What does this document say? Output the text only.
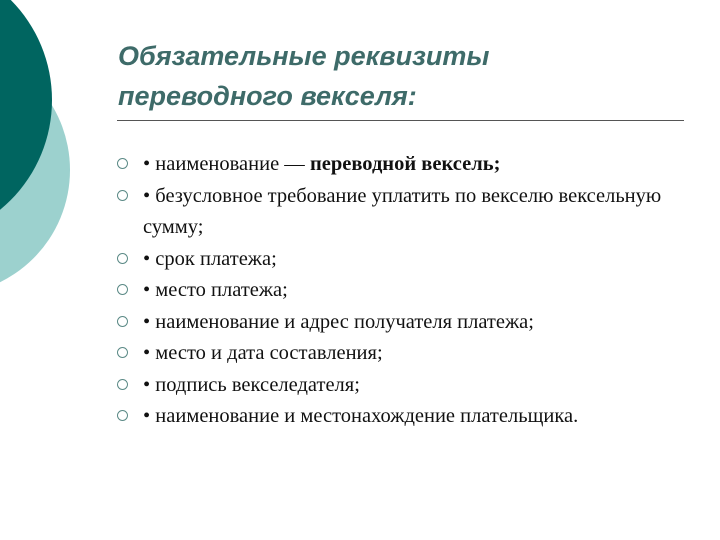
Обязательные реквизиты
переводного векселя:
• наименование — переводной вексель;
• безусловное требование уплатить по векселю вексельную сумму;
• срок платежа;
• место платежа;
• наименование и адрес получателя платежа;
• место и дата составления;
• подпись векселедателя;
• наименование и местонахождение плательщика.
